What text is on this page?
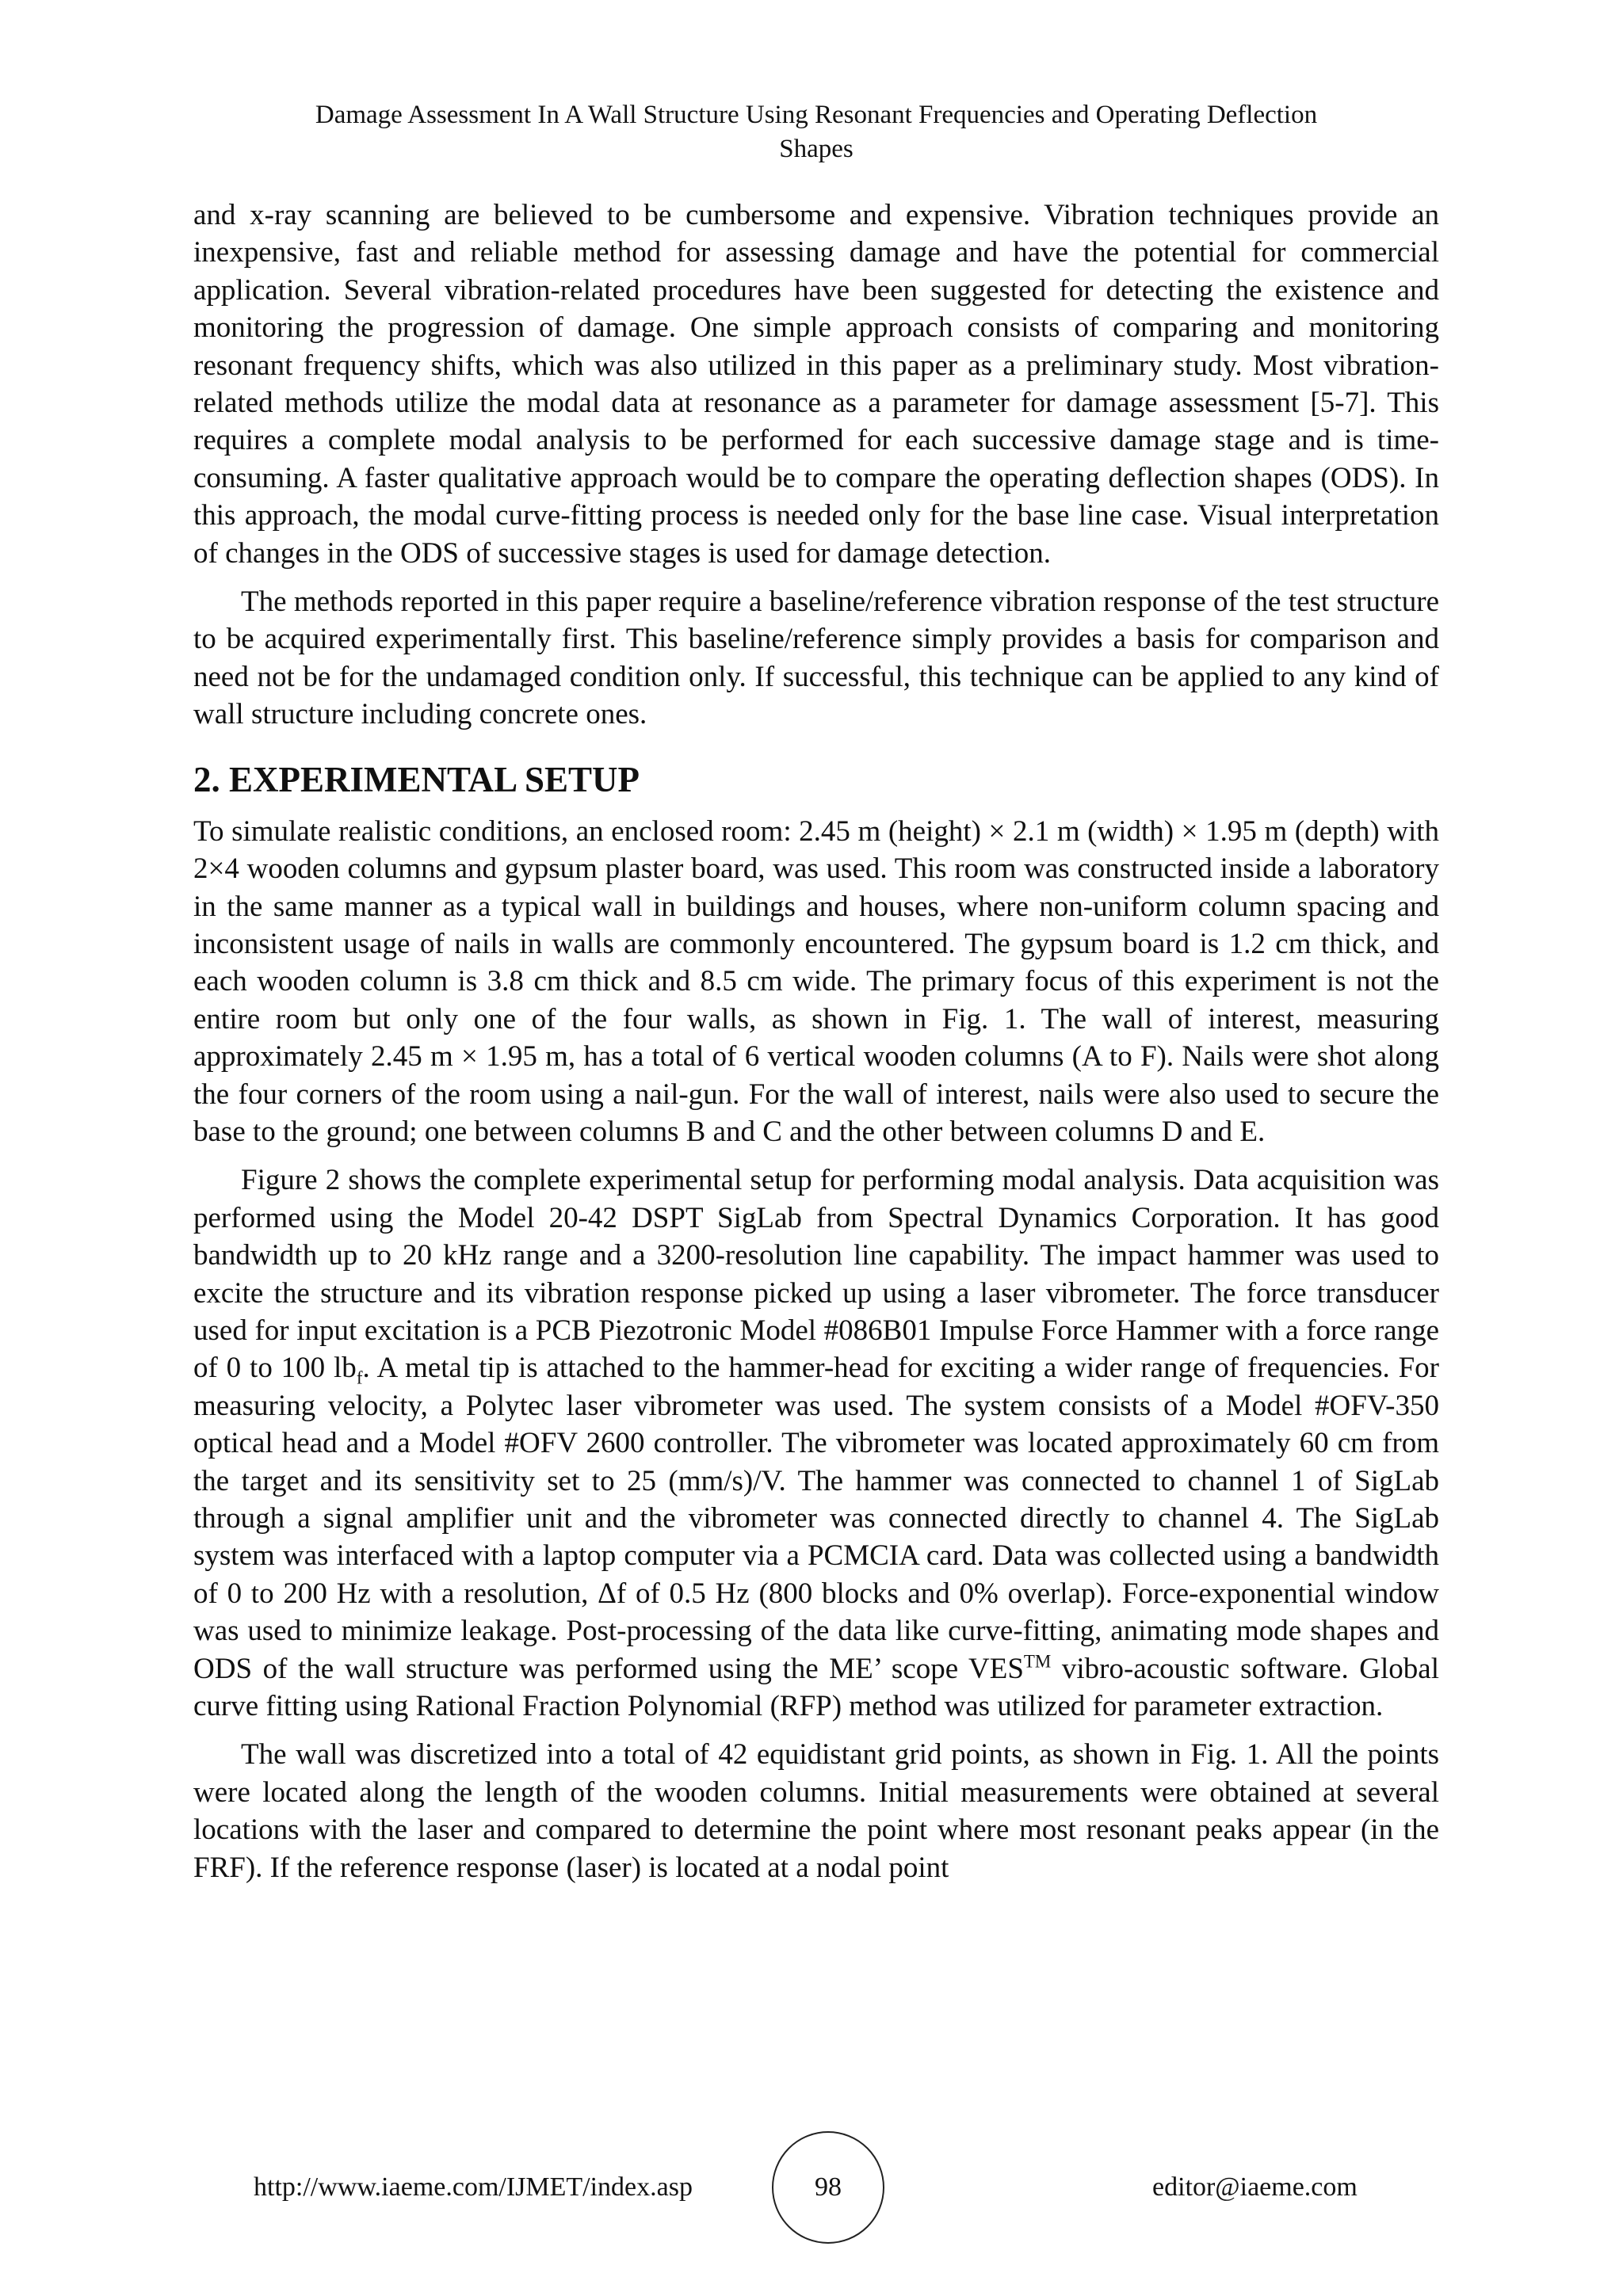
Damage Assessment In A Wall Structure Using Resonant Frequencies and Operating Deflection
Shapes

and x-ray scanning are believed to be cumbersome and expensive. Vibration techniques provide an inexpensive, fast and reliable method for assessing damage and have the potential for commercial application. Several vibration-related procedures have been suggested for detecting the existence and monitoring the progression of damage. One simple approach consists of comparing and monitoring resonant frequency shifts, which was also utilized in this paper as a preliminary study. Most vibration-related methods utilize the modal data at resonance as a parameter for damage assessment [5-7]. This requires a complete modal analysis to be performed for each successive damage stage and is time-consuming. A faster qualitative approach would be to compare the operating deflection shapes (ODS). In this approach, the modal curve-fitting process is needed only for the base line case. Visual interpretation of changes in the ODS of successive stages is used for damage detection.

The methods reported in this paper require a baseline/reference vibration response of the test structure to be acquired experimentally first. This baseline/reference simply provides a basis for comparison and need not be for the undamaged condition only. If successful, this technique can be applied to any kind of wall structure including concrete ones.

2. EXPERIMENTAL SETUP

To simulate realistic conditions, an enclosed room: 2.45 m (height) × 2.1 m (width) × 1.95 m (depth) with 2×4 wooden columns and gypsum plaster board, was used. This room was constructed inside a laboratory in the same manner as a typical wall in buildings and houses, where non-uniform column spacing and inconsistent usage of nails in walls are commonly encountered. The gypsum board is 1.2 cm thick, and each wooden column is 3.8 cm thick and 8.5 cm wide. The primary focus of this experiment is not the entire room but only one of the four walls, as shown in Fig. 1. The wall of interest, measuring approximately 2.45 m × 1.95 m, has a total of 6 vertical wooden columns (A to F). Nails were shot along the four corners of the room using a nail-gun. For the wall of interest, nails were also used to secure the base to the ground; one between columns B and C and the other between columns D and E.

Figure 2 shows the complete experimental setup for performing modal analysis. Data acquisition was performed using the Model 20-42 DSPT SigLab from Spectral Dynamics Corporation. It has good bandwidth up to 20 kHz range and a 3200-resolution line capability. The impact hammer was used to excite the structure and its vibration response picked up using a laser vibrometer. The force transducer used for input excitation is a PCB Piezotronic Model #086B01 Impulse Force Hammer with a force range of 0 to 100 $lb_f$. A metal tip is attached to the hammer-head for exciting a wider range of frequencies. For measuring velocity, a Polytec laser vibrometer was used. The system consists of a Model #OFV-350 optical head and a Model #OFV 2600 controller. The vibrometer was located approximately 60 cm from the target and its sensitivity set to 25 (mm/s)/V. The hammer was connected to channel 1 of SigLab through a signal amplifier unit and the vibrometer was connected directly to channel 4. The SigLab system was interfaced with a laptop computer via a PCMCIA card. Data was collected using a bandwidth of 0 to 200 Hz with a resolution, Δf of 0.5 Hz (800 blocks and 0% overlap). Force-exponential window was used to minimize leakage. Post-processing of the data like curve-fitting, animating mode shapes and ODS of the wall structure was performed using the ME’ scope VES™ vibro-acoustic software. Global curve fitting using Rational Fraction Polynomial (RFP) method was utilized for parameter extraction.

The wall was discretized into a total of 42 equidistant grid points, as shown in Fig. 1. All the points were located along the length of the wooden columns. Initial measurements were obtained at several locations with the laser and compared to determine the point where most resonant peaks appear (in the FRF). If the reference response (laser) is located at a nodal point

http://www.iaeme.com/IJMET/index.asp	98	editor@iaeme.com
